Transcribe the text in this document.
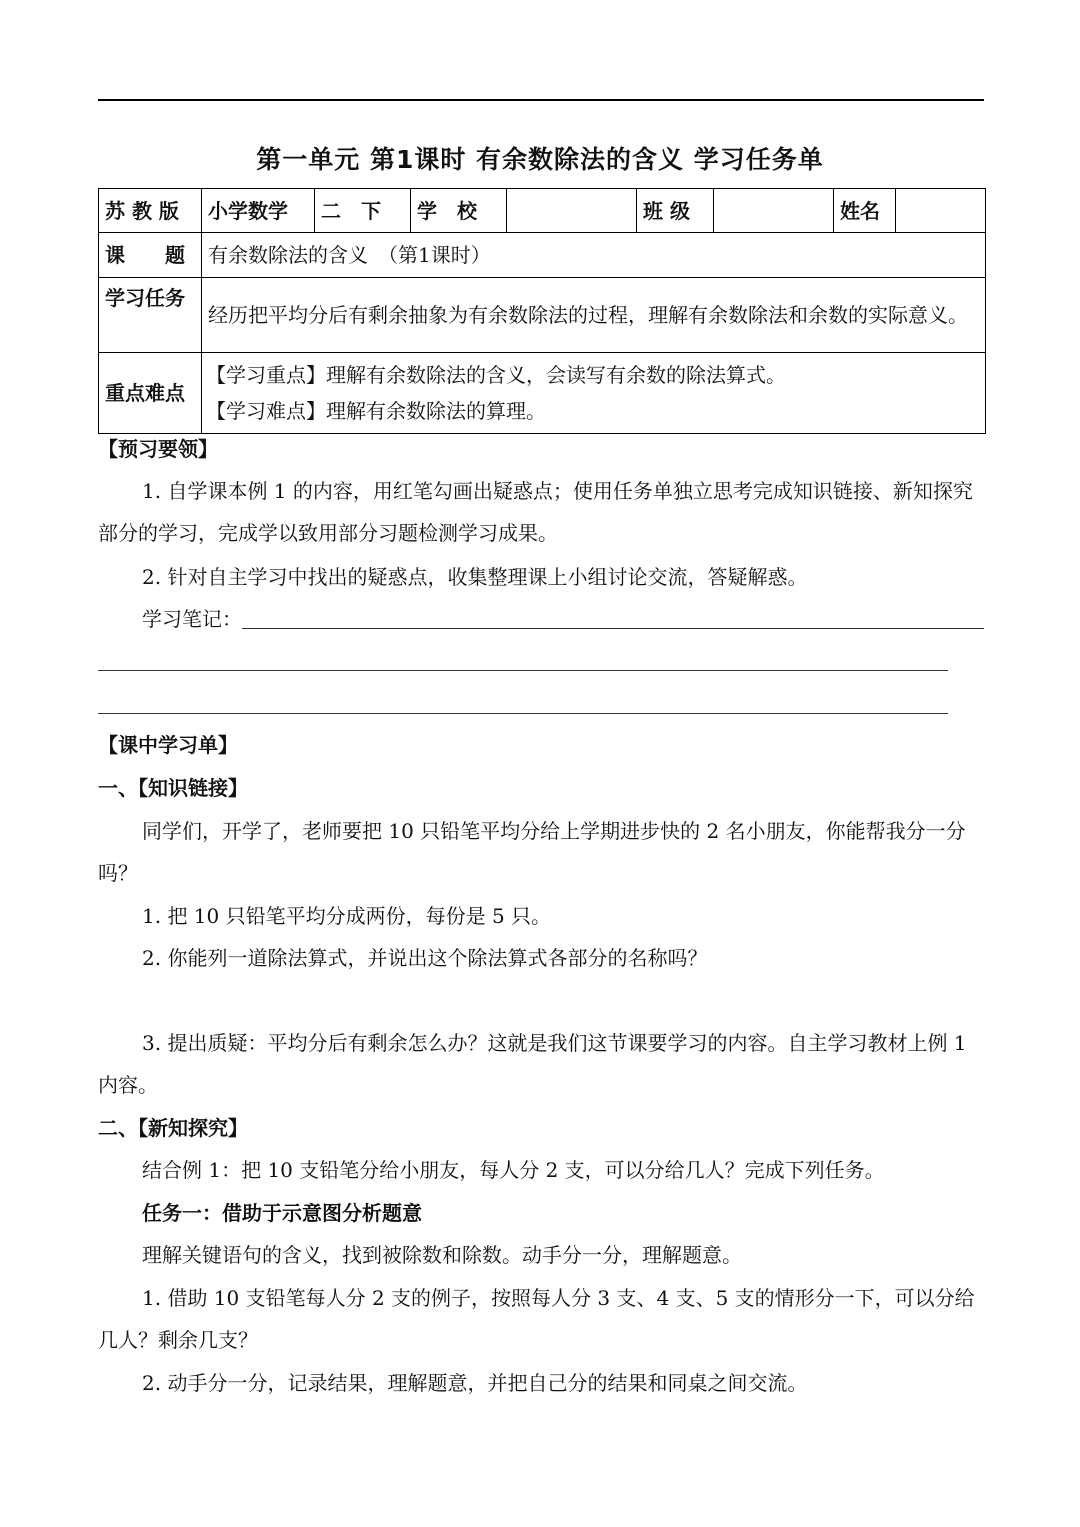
第一单元 第1课时 有余数除法的含义 学习任务单
苏 教 版	小学数学	二　下	学　校		班 级		姓名	
课　　题	有余数除法的含义　（第1课时）							
学习任务	经历把平均分后有剩余抽象为有余数除法的过程，理解有余数除法和余数的实际意义。							
重点难点	【学习重点】理解有余数除法的含义，会读写有余数的除法算式。
【学习难点】理解有余数除法的算理。							
【预习要领】
1. 自学课本例 1 的内容，用红笔勾画出疑惑点；使用任务单独立思考完成知识链接、新知探究部分的学习，完成学以致用部分习题检测学习成果。
2. 针对自主学习中找出的疑惑点，收集整理课上小组讨论交流，答疑解惑。
学习笔记：
【课中学习单】
一、【知识链接】
同学们，开学了，老师要把 10 只铅笔平均分给上学期进步快的 2 名小朋友，你能帮我分一分吗？
1. 把 10 只铅笔平均分成两份，每份是 5 只。
2. 你能列一道除法算式，并说出这个除法算式各部分的名称吗？
3. 提出质疑：平均分后有剩余怎么办？这就是我们这节课要学习的内容。自主学习教材上例 1 内容。
二、【新知探究】
结合例 1：把 10 支铅笔分给小朋友，每人分 2 支，可以分给几人？完成下列任务。
任务一：借助于示意图分析题意
理解关键语句的含义，找到被除数和除数。动手分一分，理解题意。
1. 借助 10 支铅笔每人分 2 支的例子，按照每人分 3 支、4 支、5 支的情形分一下，可以分给几人？剩余几支？
2. 动手分一分，记录结果，理解题意，并把自己分的结果和同桌之间交流。
